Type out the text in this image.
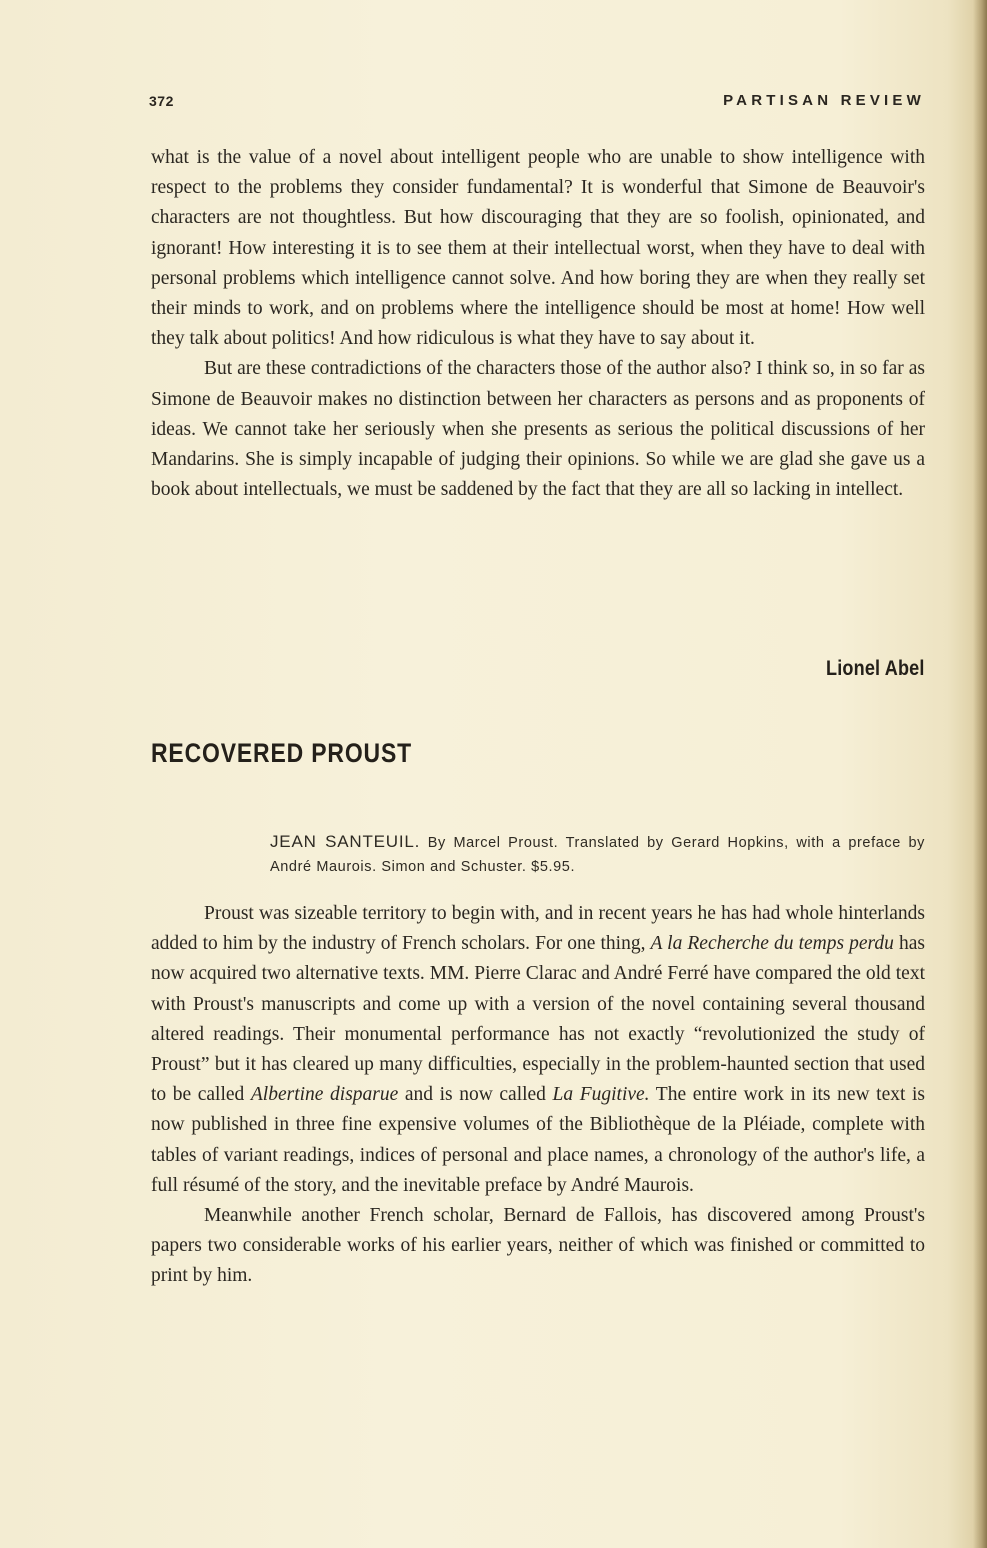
372	PARTISAN REVIEW

what is the value of a novel about intelligent people who are unable to show intelligence with respect to the problems they consider fundamental? It is wonderful that Simone de Beauvoir's characters are not thoughtless. But how discouraging that they are so foolish, opinionated, and ignorant! How interesting it is to see them at their intellectual worst, when they have to deal with personal problems which intelligence cannot solve. And how boring they are when they really set their minds to work, and on problems where the intelligence should be most at home! How well they talk about politics! And how ridiculous is what they have to say about it.

But are these contradictions of the characters those of the author also? I think so, in so far as Simone de Beauvoir makes no distinction between her characters as persons and as proponents of ideas. We cannot take her seriously when she presents as serious the political discussions of her Mandarins. She is simply incapable of judging their opinions. So while we are glad she gave us a book about intellectuals, we must be saddened by the fact that they are all so lacking in intellect.

Lionel Abel
RECOVERED PROUST
JEAN SANTEUIL. By Marcel Proust. Translated by Gerard Hopkins, with a preface by André Maurois. Simon and Schuster. $5.95.

Proust was sizeable territory to begin with, and in recent years he has had whole hinterlands added to him by the industry of French scholars. For one thing, A la Recherche du temps perdu has now acquired two alternative texts. MM. Pierre Clarac and André Ferré have compared the old text with Proust's manuscripts and come up with a version of the novel containing several thousand altered readings. Their monumental performance has not exactly “revolutionized the study of Proust” but it has cleared up many difficulties, especially in the problem-haunted section that used to be called Albertine disparue and is now called La Fugitive. The entire work in its new text is now published in three fine expensive volumes of the Bibliothèque de la Pléiade, complete with tables of variant readings, indices of personal and place names, a chronology of the author's life, a full résumé of the story, and the inevitable preface by André Maurois.

Meanwhile another French scholar, Bernard de Fallois, has discovered among Proust's papers two considerable works of his earlier years, neither of which was finished or committed to print by him.
